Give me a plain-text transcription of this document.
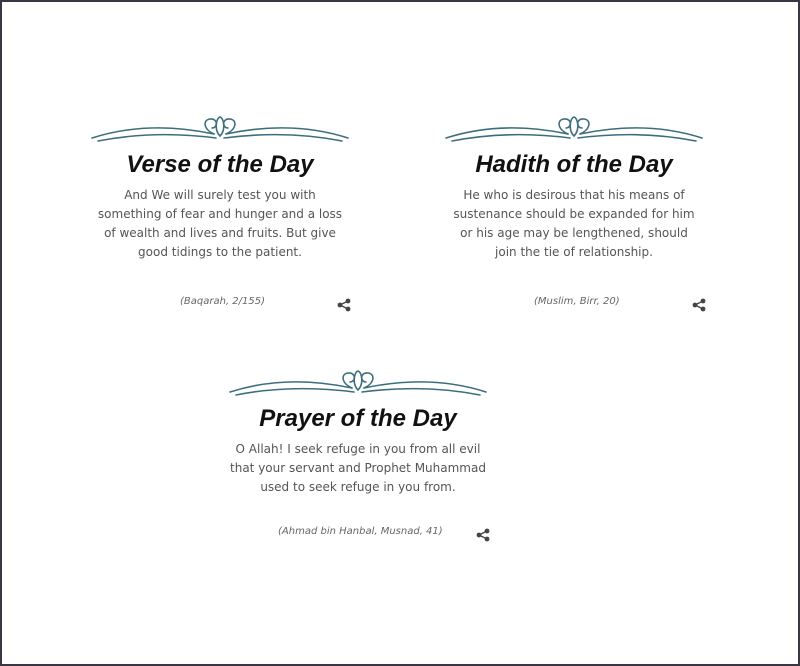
Verse of the Day
And We will surely test you with something of fear and hunger and a loss of wealth and lives and fruits. But give good tidings to the patient.
(Baqarah, 2/155)
Hadith of the Day
He who is desirous that his means of sustenance should be expanded for him or his age may be lengthened, should join the tie of relationship.
(Muslim, Birr, 20)
Prayer of the Day
O Allah! I seek refuge in you from all evil that your servant and Prophet Muhammad used to seek refuge in you from.
(Ahmad bin Hanbal, Musnad, 41)
